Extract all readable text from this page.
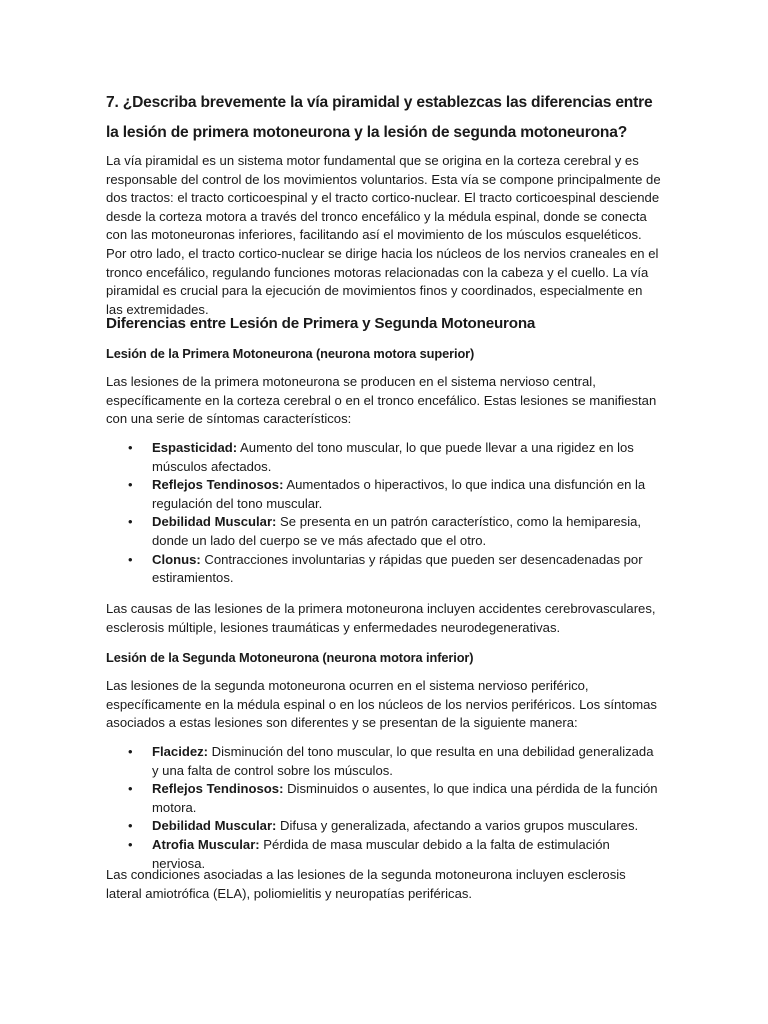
7. ¿Describa brevemente la vía piramidal y establezcas las diferencias entre la lesión de primera motoneurona y la lesión de segunda motoneurona?

La vía piramidal es un sistema motor fundamental que se origina en la corteza cerebral y es responsable del control de los movimientos voluntarios. Esta vía se compone principalmente de dos tractos: el tracto corticoespinal y el tracto cortico-nuclear. El tracto corticoespinal desciende desde la corteza motora a través del tronco encefálico y la médula espinal, donde se conecta con las motoneuronas inferiores, facilitando así el movimiento de los músculos esqueléticos. Por otro lado, el tracto cortico-nuclear se dirige hacia los núcleos de los nervios craneales en el tronco encefálico, regulando funciones motoras relacionadas con la cabeza y el cuello. La vía piramidal es crucial para la ejecución de movimientos finos y coordinados, especialmente en las extremidades.

Diferencias entre Lesión de Primera y Segunda Motoneurona
Lesión de la Primera Motoneurona (neurona motora superior)

Las lesiones de la primera motoneurona se producen en el sistema nervioso central, específicamente en la corteza cerebral o en el tronco encefálico. Estas lesiones se manifiestan con una serie de síntomas característicos:

• Espasticidad: Aumento del tono muscular, lo que puede llevar a una rigidez en los músculos afectados.
• Reflejos Tendinosos: Aumentados o hiperactivos, lo que indica una disfunción en la regulación del tono muscular.
• Debilidad Muscular: Se presenta en un patrón característico, como la hemiparesia, donde un lado del cuerpo se ve más afectado que el otro.
• Clonus: Contracciones involuntarias y rápidas que pueden ser desencadenadas por estiramientos.

Las causas de las lesiones de la primera motoneurona incluyen accidentes cerebrovasculares, esclerosis múltiple, lesiones traumáticas y enfermedades neurodegenerativas.

Lesión de la Segunda Motoneurona (neurona motora inferior)

Las lesiones de la segunda motoneurona ocurren en el sistema nervioso periférico, específicamente en la médula espinal o en los núcleos de los nervios periféricos. Los síntomas asociados a estas lesiones son diferentes y se presentan de la siguiente manera:

• Flacidez: Disminución del tono muscular, lo que resulta en una debilidad generalizada y una falta de control sobre los músculos.
• Reflejos Tendinosos: Disminuidos o ausentes, lo que indica una pérdida de la función motora.
• Debilidad Muscular: Difusa y generalizada, afectando a varios grupos musculares.
• Atrofia Muscular: Pérdida de masa muscular debido a la falta de estimulación nerviosa.

Las condiciones asociadas a las lesiones de la segunda motoneurona incluyen esclerosis lateral amiotrófica (ELA), poliomielitis y neuropatías periféricas.
